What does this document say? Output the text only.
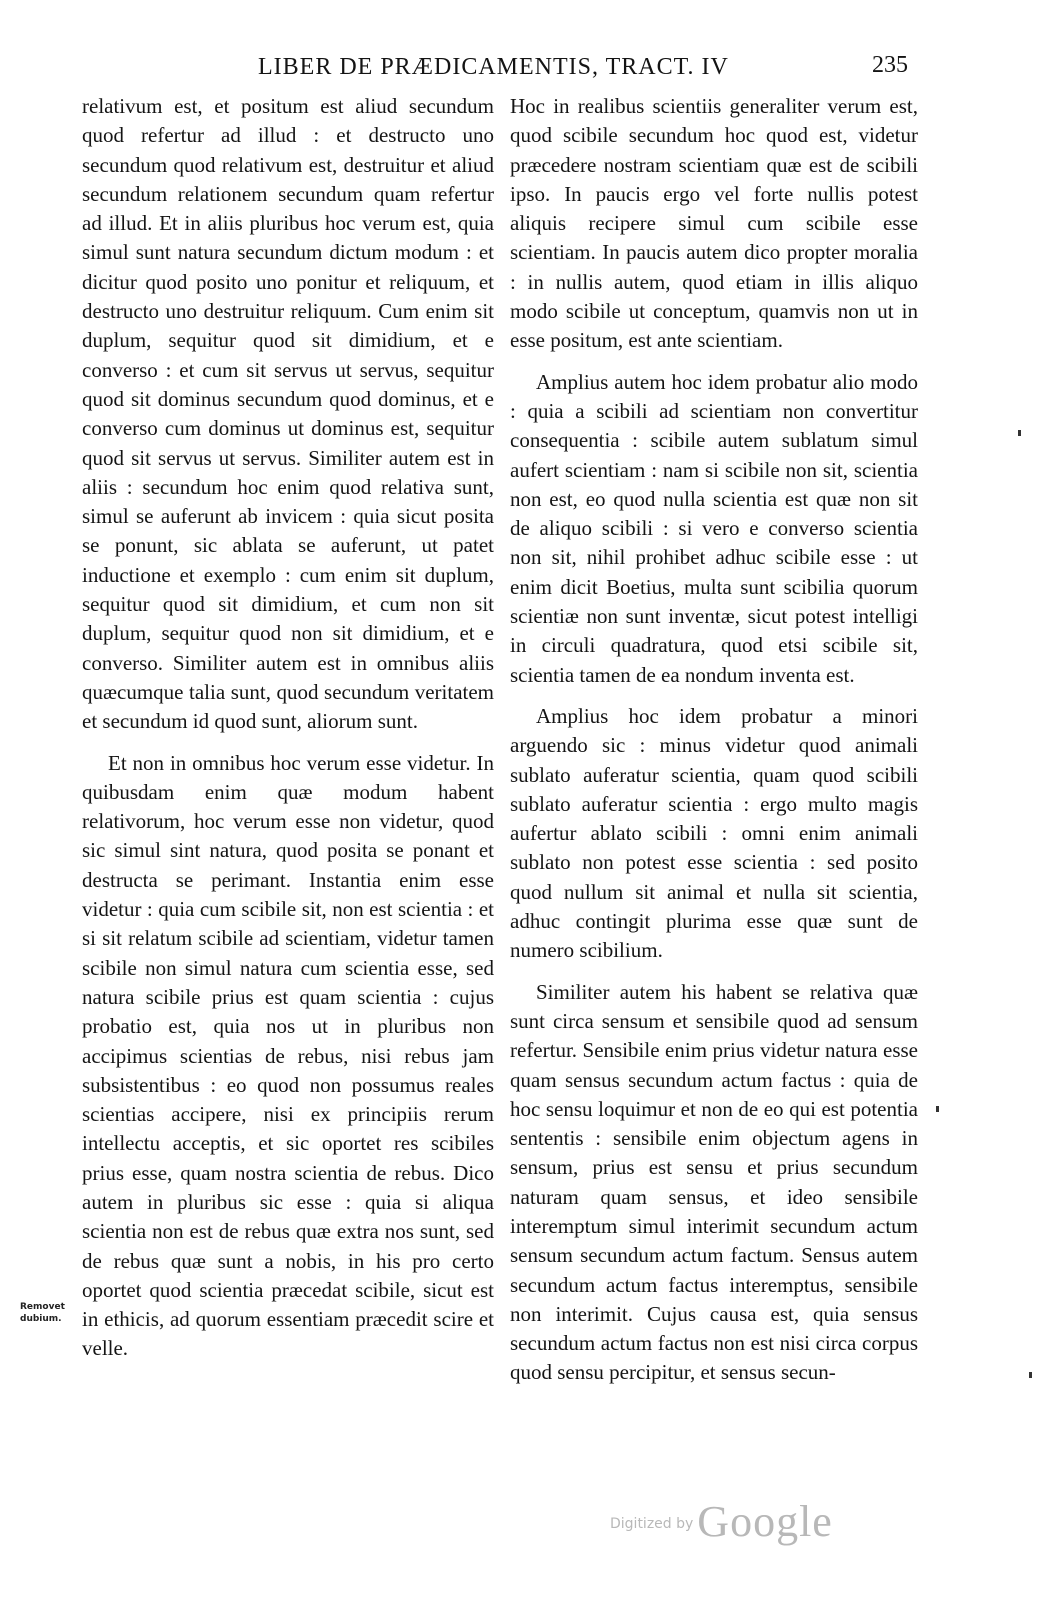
LIBER DE PRÆDICAMENTIS, TRACT. IV	235

relativum est, et positum est aliud secundum quod refertur ad illud : et destructo uno secundum quod relativum est, destruitur et aliud secundum relationem secundum quam refertur ad illud. Et in aliis pluribus hoc verum est, quia simul sunt natura secundum dictum modum : et dicitur quod posito uno ponitur et reliquum, et destructo uno destruitur reliquum. Cum enim sit duplum, sequitur quod sit dimidium, et e converso : et cum sit servus ut servus, sequitur quod sit dominus secundum quod dominus, et e converso cum dominus ut dominus est, sequitur quod sit servus ut servus. Similiter autem est in aliis : secundum hoc enim quod relativa sunt, simul se auferunt ab invicem : quia sicut posita se ponunt, sic ablata se auferunt, ut patet inductione et exemplo : cum enim sit duplum, sequitur quod sit dimidium, et cum non sit duplum, sequitur quod non sit dimidium, et e converso. Similiter autem est in omnibus aliis quæcumque talia sunt, quod secundum veritatem et secundum id quod sunt, aliorum sunt.

Et non in omnibus hoc verum esse videtur. In quibusdam enim quæ modum habent relativorum, hoc verum esse non videtur, quod sic simul sint natura, quod posita se ponant et destructa se perimant. Instantia enim esse videtur : quia cum scibile sit, non est scientia : et si sit relatum scibile ad scientiam, videtur tamen scibile non simul natura cum scientia esse, sed natura scibile prius est quam scientia : cujus probatio est, quia nos ut in pluribus non accipimus scientias de rebus, nisi rebus jam subsistentibus : eo quod non possumus reales scientias accipere, nisi ex principiis rerum intellectu acceptis, et sic oportet res scibiles prius esse, quam nostra scientia de rebus. Dico autem in pluribus sic esse : quia si aliqua scientia non est de rebus quæ extra nos sunt, sed de rebus quæ sunt a nobis, in his pro certo oportet quod scientia præcedat scibile, sicut est in ethicis, ad quorum essentiam præcedit scire et velle.

Hoc in realibus scientiis generaliter verum est, quod scibile secundum hoc quod est, videtur præcedere nostram scientiam quæ est de scibili ipso. In paucis ergo vel forte nullis potest aliquis recipere simul cum scibile esse scientiam. In paucis autem dico propter moralia : in nullis autem, quod etiam in illis aliquo modo scibile ut conceptum, quamvis non ut in esse positum, est ante scientiam.

Amplius autem hoc idem probatur alio modo : quia a scibili ad scientiam non convertitur consequentia : scibile autem sublatum simul aufert scientiam : nam si scibile non sit, scientia non est, eo quod nulla scientia est quæ non sit de aliquo scibili : si vero e converso scientia non sit, nihil prohibet adhuc scibile esse : ut enim dicit Boetius, multa sunt scibilia quorum scientiæ non sunt inventæ, sicut potest intelligi in circuli quadratura, quod etsi scibile sit, scientia tamen de ea nondum inventa est.

Amplius hoc idem probatur a minori arguendo sic : minus videtur quod animali sublato auferatur scientia, quam quod scibili sublato auferatur scientia : ergo multo magis aufertur ablato scibili : omni enim animali sublato non potest esse scientia : sed posito quod nullum sit animal et nulla sit scientia, adhuc contingit plurima esse quæ sunt de numero scibilium.

Similiter autem his habent se relativa quæ sunt circa sensum et sensibile quod ad sensum refertur. Sensibile enim prius videtur natura esse quam sensus secundum actum factus : quia de hoc sensu loquimur et non de eo qui est potentia sententis : sensibile enim objectum agens in sensum, prius est sensu et prius secundum naturam quam sensus, et ideo sensibile interemptum simul interimit secundum actum sensum secundum actum factum. Sensus autem secundum actum factus interemptus, sensibile non interimit. Cujus causa est, quia sensus secundum actum factus non est nisi circa corpus quod sensu percipitur, et sensus secun-

Removet
dubium.
Digitized by Google
